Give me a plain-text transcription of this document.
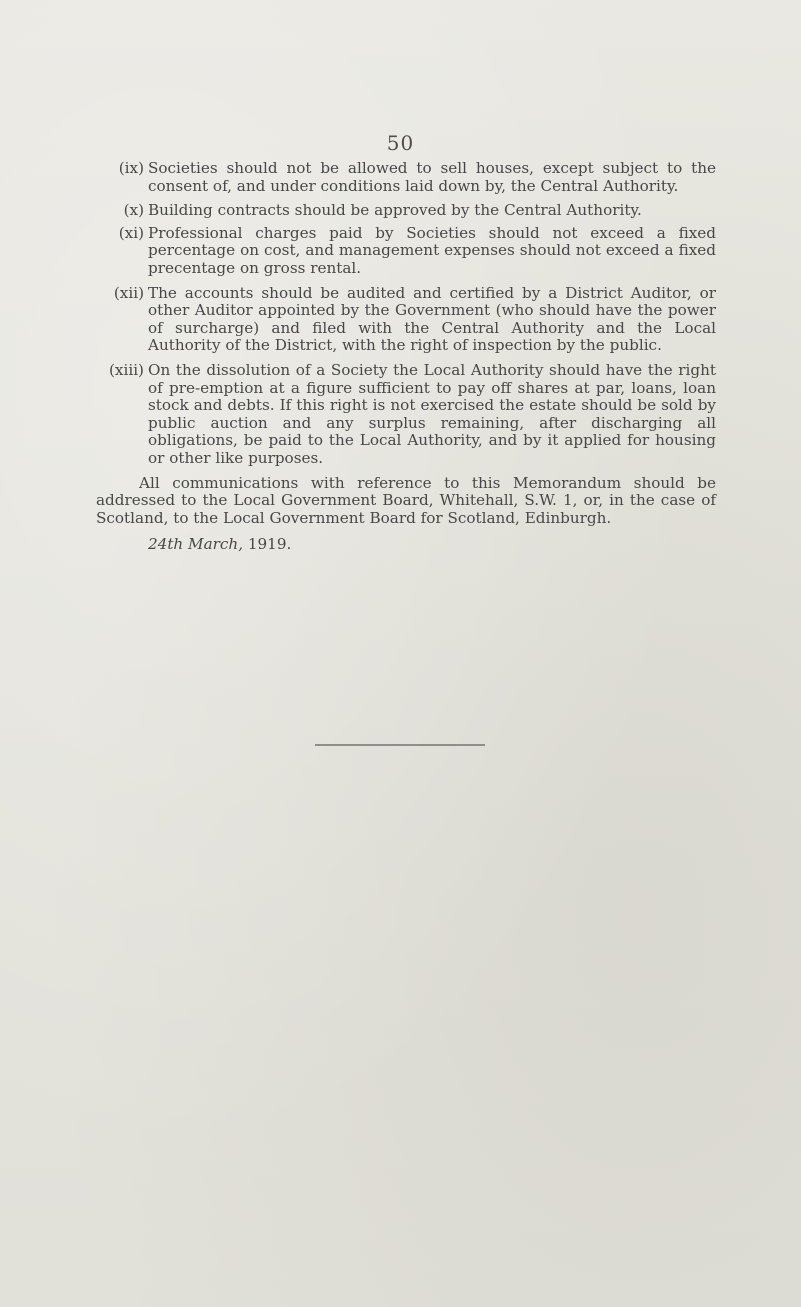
50
(ix) Societies should not be allowed to sell houses, except subject to the consent of, and under conditions laid down by, the Central Authority.
(x) Building contracts should be approved by the Central Authority.
(xi) Professional charges paid by Societies should not exceed a fixed percentage on cost, and management expenses should not exceed a fixed precentage on gross rental.
(xii) The accounts should be audited and certified by a District Auditor, or other Auditor appointed by the Government (who should have the power of surcharge) and filed with the Central Authority and the Local Authority of the District, with the right of inspection by the public.
(xiii) On the dissolution of a Society the Local Authority should have the right of pre-emption at a figure sufficient to pay off shares at par, loans, loan stock and debts. If this right is not exercised the estate should be sold by public auction and any surplus remaining, after discharging all obligations, be paid to the Local Authority, and by it applied for housing or other like purposes.
All communications with reference to this Memorandum should be addressed to the Local Government Board, Whitehall, S.W. 1, or, in the case of Scotland, to the Local Government Board for Scotland, Edinburgh.
24th March, 1919.
